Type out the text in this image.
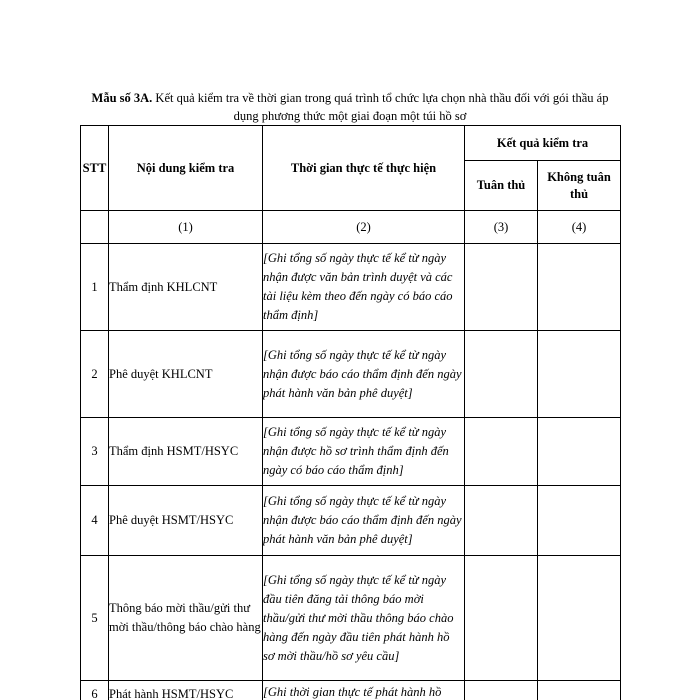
Mẫu số 3A. Kết quả kiểm tra về thời gian trong quá trình tổ chức lựa chọn nhà thầu đối với gói thầu áp dụng phương thức một giai đoạn một túi hồ sơ
STT	Nội dung kiểm tra	Thời gian thực tế thực hiện	Kết quả kiểm tra	
			Tuân thủ	Không tuân thủ
	(1)	(2)	(3)	(4)
1	Thẩm định KHLCNT	[Ghi tổng số ngày thực tế kể từ ngày nhận được văn bản trình duyệt và các tài liệu kèm theo đến ngày có báo cáo thẩm định]		
2	Phê duyệt KHLCNT	[Ghi tổng số ngày thực tế kể từ ngày nhận được báo cáo thẩm định đến ngày phát hành văn bản phê duyệt]		
3	Thẩm định HSMT/HSYC	[Ghi tổng số ngày thực tế kể từ ngày nhận được hồ sơ trình thẩm định đến ngày có báo cáo thẩm định]		
4	Phê duyệt HSMT/HSYC	[Ghi tổng số ngày thực tế kể từ ngày nhận được báo cáo thẩm định đến ngày phát hành văn bản phê duyệt]		
5	Thông báo mời thầu/gửi thư mời thầu/thông báo chào hàng	[Ghi tổng số ngày thực tế kể từ ngày đầu tiên đăng tải thông báo mời thầu/gửi thư mời thầu thông báo chào hàng đến ngày đầu tiên phát hành hồ sơ mời thầu/hồ sơ yêu cầu]		
6	Phát hành HSMT/HSYC	[Ghi thời gian thực tế phát hành hồ		
